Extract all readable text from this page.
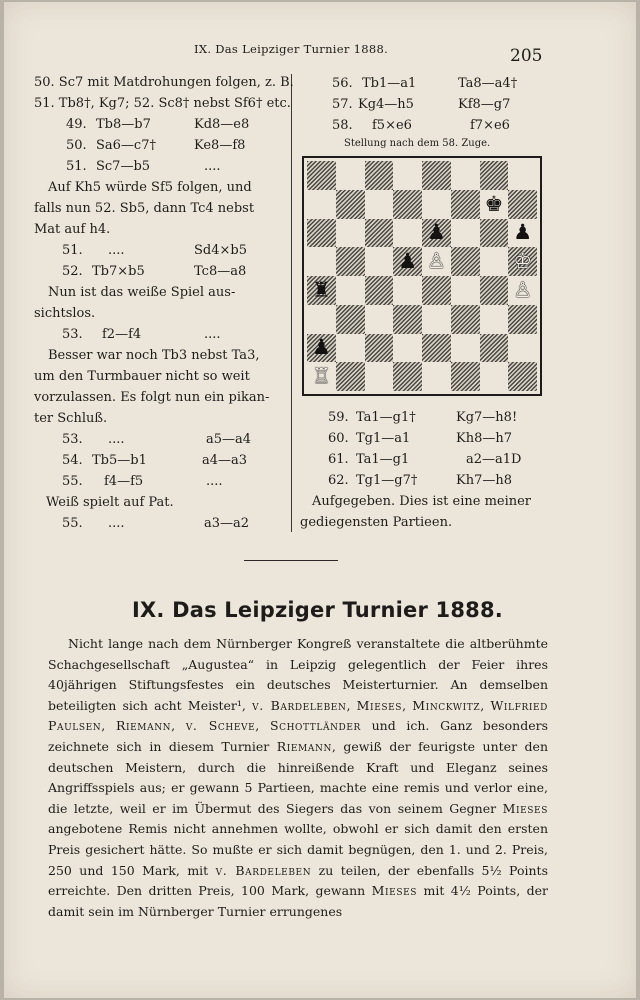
IX. Das Leipziger Turnier 1888.	205
50. Sc7 mit Matdrohungen folgen, z. B.
51. Tb8†, Kg7; 52. Sc8† nebst Sf6† etc.
49. Tb8—b7	Kd8—e8
50. Sa6—c7†	Ke8—f8
51. Sc7—b5	....
Auf Kh5 würde Sf5 folgen, und
falls nun 52. Sb5, dann Tc4 nebst
Mat auf h4.
51. ....	Sd4×b5
52. Tb7×b5	Tc8—a8
Nun ist das weiße Spiel aus-
sichtslos.
53. f2—f4	....
Besser war noch Tb3 nebst Ta3,
um den Turmbauer nicht so weit
vorzulassen. Es folgt nun ein pikan-
ter Schluß.
53. ....	a5—a4
54. Tb5—b1	a4—a3
55. f4—f5	....
Weiß spielt auf Pat.
55. ....	a3—a2
56. Tb1—a1	Ta8—a4†
57. Kg4—h5	Kf8—g7
58. f5×e6	f7×e6
Stellung nach dem 58. Zuge.
♚
♟	♟
♟ ♙	♔
♜	♙
♟
♖
59. Ta1—g1†	Kg7—h8!
60. Tg1—a1	Kh8—h7
61. Ta1—g1	a2—a1D
62. Tg1—g7†	Kh7—h8
Aufgegeben. Dies ist eine meiner
gediegensten Partieen.
IX. Das Leipziger Turnier 1888.

Nicht lange nach dem Nürnberger Kongreß veranstaltete die altberühmte Schachgesellschaft „Augustea“ in Leipzig gelegentlich der Feier ihres 40jährigen Stiftungsfestes ein deutsches Meisterturnier. An demselben beteiligten sich acht Meister¹, v. Bardeleben, Mieses, Minckwitz, Wilfried Paulsen, Riemann, v. Scheve, Schottländer und ich. Ganz besonders zeichnete sich in diesem Turnier Riemann, gewiß der feurigste unter den deutschen Meistern, durch die hinreißende Kraft und Eleganz seines Angriffsspiels aus; er gewann 5 Partieen, machte eine remis und verlor eine, die letzte, weil er im Übermut des Siegers das von seinem Gegner Mieses angebotene Remis nicht annehmen wollte, obwohl er sich damit den ersten Preis gesichert hätte. So mußte er sich damit begnügen, den 1. und 2. Preis, 250 und 150 Mark, mit v. Bardeleben zu teilen, der ebenfalls 5½ Points erreichte. Den dritten Preis, 100 Mark, gewann Mieses mit 4½ Points, der damit sein im Nürnberger Turnier errungenes
